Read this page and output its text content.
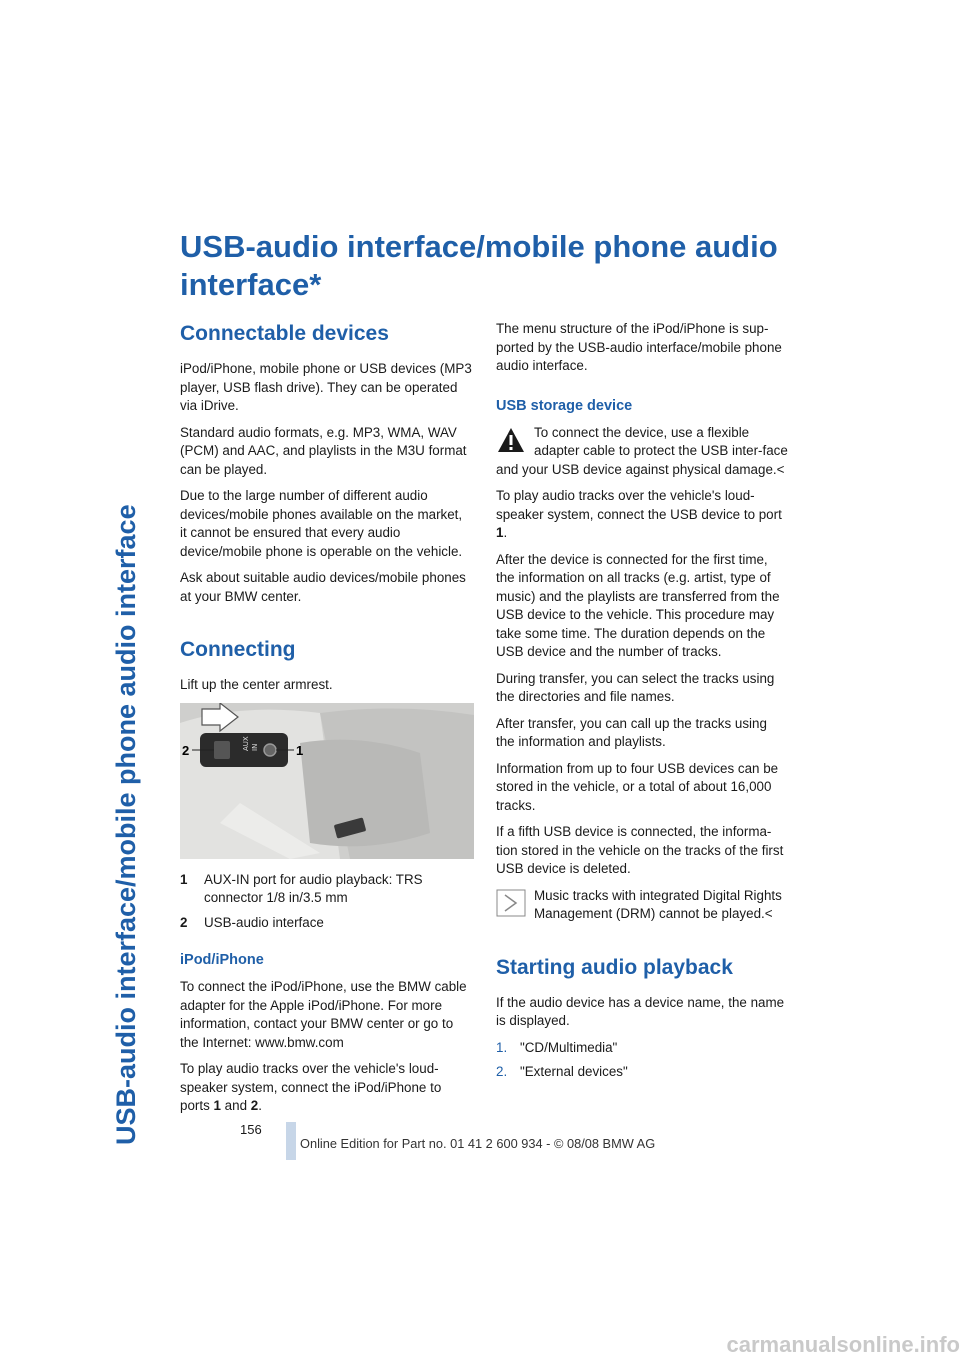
USB-audio interface/mobile phone audio interface
USB-audio interface/mobile phone audio interface*
Connectable devices

iPod/iPhone, mobile phone or USB devices (MP3 player, USB flash drive). They can be operated via iDrive.

Standard audio formats, e.g. MP3, WMA, WAV (PCM) and AAC, and playlists in the M3U format can be played.

Due to the large number of different audio devices/mobile phones available on the market, it cannot be ensured that every audio device/mobile phone is operable on the vehicle.

Ask about suitable audio devices/mobile phones at your BMW center.

Connecting

Lift up the center armrest.

AUX IN
2	1
1	AUX-IN port for audio playback: TRS connector 1/8 in/3.5 mm
2	USB-audio interface
iPod/iPhone

To connect the iPod/iPhone, use the BMW cable adapter for the Apple iPod/iPhone. For more information, contact your BMW center or go to the Internet: www.bmw.com

To play audio tracks over the vehicle's loud-speaker system, connect the iPod/iPhone to ports 1 and 2.

The menu structure of the iPod/iPhone is sup-ported by the USB-audio interface/mobile phone audio interface.

USB storage device

To connect the device, use a flexible adapter cable to protect the USB inter-face and your USB device against physical damage.<

To play audio tracks over the vehicle's loud-speaker system, connect the USB device to port 1.

After the device is connected for the first time, the information on all tracks (e.g. artist, type of music) and the playlists are transferred from the USB device to the vehicle. This procedure may take some time. The duration depends on the USB device and the number of tracks.

During transfer, you can select the tracks using the directories and file names.

After transfer, you can call up the tracks using the information and playlists.

Information from up to four USB devices can be stored in the vehicle, or a total of about 16,000 tracks.

If a fifth USB device is connected, the informa-tion stored in the vehicle on the tracks of the first USB device is deleted.

Music tracks with integrated Digital Rights Management (DRM) cannot be played.<

Starting audio playback

If the audio device has a device name, the name is displayed.

1. "CD/Multimedia"
2. "External devices"
156
Online Edition for Part no. 01 41 2 600 934 - © 08/08 BMW AG
carmanualsonline.info
